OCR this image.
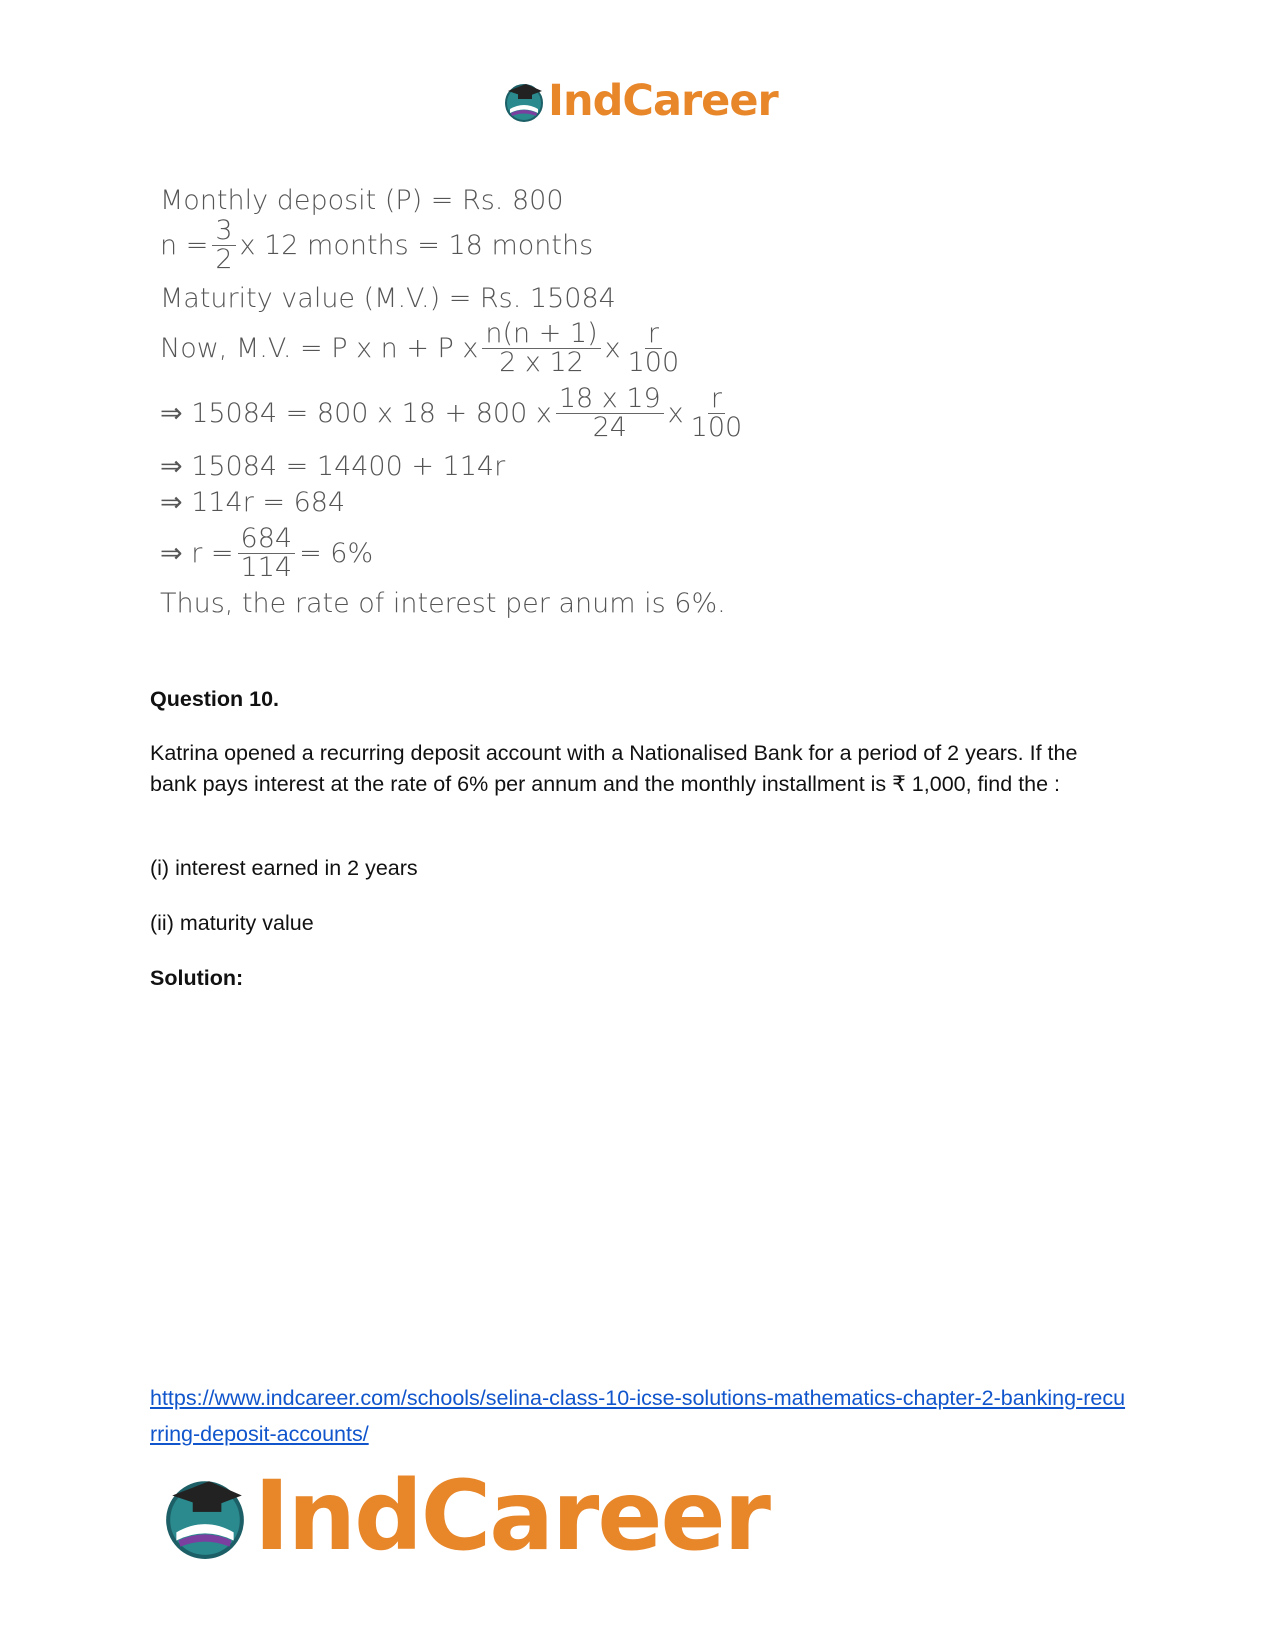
IndCareer
Monthly deposit (P) = Rs. 800
$n = \frac{3}{2}$ x 12 months = 18 months
Maturity value (M.V.) = Rs. 15084
Now, M.V. = P x n + P x $\frac{n(n + 1)}{2 x 12}$ x $\frac{r}{100}$
⇒ 15084 = 800 x 18 + 800 x $\frac{18 x 19}{24}$ x $\frac{r}{100}$
⇒ 15084 = 14400 + 114r
⇒ 114r = 684
⇒ $r = \frac{684}{114} = 6\%$
Thus, the rate of interest per anum is 6%.
Question 10.
Katrina opened a recurring deposit account with a Nationalised Bank for a period of 2 years. If the bank pays interest at the rate of 6% per annum and the monthly installment is ₹ 1,000, find the :
(i) interest earned in 2 years
(ii) maturity value
Solution:
https://www.indcareer.com/schools/selina-class-10-icse-solutions-mathematics-chapter-2-banking-recurring-deposit-accounts/
IndCareer
